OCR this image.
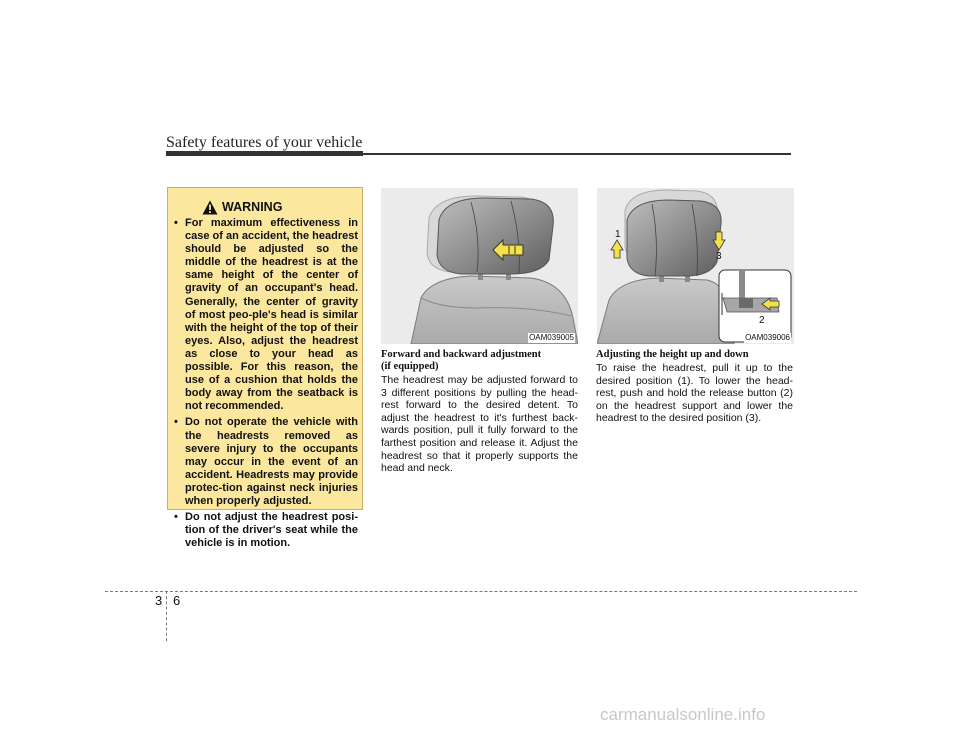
Safety features of your vehicle
WARNING
• For maximum effectiveness in case of an accident, the headrest should be adjusted so the middle of the headrest is at the same height of the center of gravity of an occupant's head. Generally, the center of gravity of most peo-ple's head is similar with the height of the top of their eyes. Also, adjust the headrest as close to your head as possible. For this reason, the use of a cushion that holds the body away from the seatback is not recommended.
• Do not operate the vehicle with the headrests removed as severe injury to the occupants may occur in the event of an accident. Headrests may provide protec-tion against neck injuries when properly adjusted.
• Do not adjust the headrest posi-tion of the driver's seat while the vehicle is in motion.
OAM039005
1
3
2
OAM039006
Forward and backward adjustment
(if equipped)
The headrest may be adjusted forward to 3 different positions by pulling the head-rest forward to the desired detent. To adjust the headrest to it's furthest back-wards position, pull it fully forward to the farthest position and release it. Adjust the headrest so that it properly supports the head and neck.
Adjusting the height up and down
To raise the headrest, pull it up to the desired position (1). To lower the head-rest, push and hold the release button (2) on the headrest support and lower the headrest to the desired position (3).
3 6
carmanualsonline.info
